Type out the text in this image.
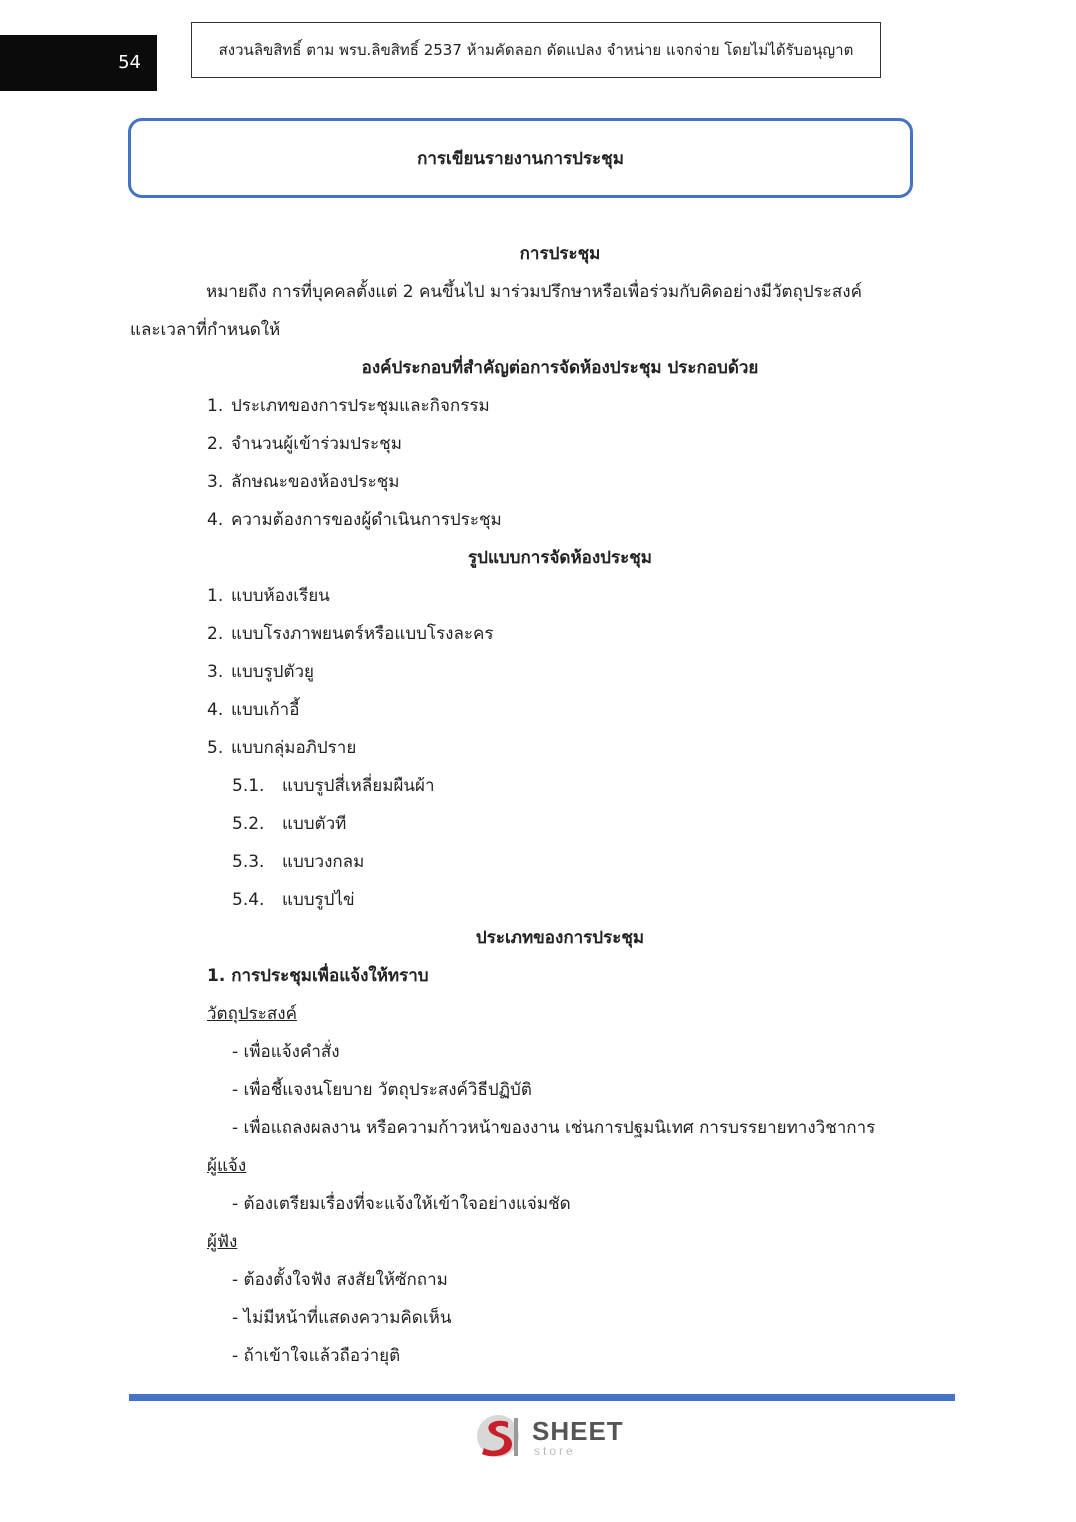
54
สงวนลิขสิทธิ์ ตาม พรบ.ลิขสิทธิ์ 2537 ห้ามคัดลอก ดัดแปลง จำหน่าย แจกจ่าย โดยไม่ได้รับอนุญาต
การเขียนรายงานการประชุม
การประชุม
หมายถึง การที่บุคคลตั้งแต่ 2 คนขึ้นไป มาร่วมปรึกษาหรือเพื่อร่วมกับคิดอย่างมีวัตถุประสงค์
และเวลาที่กำหนดให้
องค์ประกอบที่สำคัญต่อการจัดห้องประชุม ประกอบด้วย
1. ประเภทของการประชุมและกิจกรรม
2. จำนวนผู้เข้าร่วมประชุม
3. ลักษณะของห้องประชุม
4. ความต้องการของผู้ดำเนินการประชุม
รูปแบบการจัดห้องประชุม
1. แบบห้องเรียน
2. แบบโรงภาพยนตร์หรือแบบโรงละคร
3. แบบรูปตัวยู
4. แบบเก้าอี้
5. แบบกลุ่มอภิปราย
5.1. แบบรูปสี่เหลี่ยมผืนผ้า
5.2. แบบตัวที
5.3. แบบวงกลม
5.4. แบบรูปไข่
ประเภทของการประชุม
1. การประชุมเพื่อแจ้งให้ทราบ
วัตถุประสงค์
- เพื่อแจ้งคำสั่ง
- เพื่อชี้แจงนโยบาย วัตถุประสงค์วิธีปฏิบัติ
- เพื่อแถลงผลงาน หรือความก้าวหน้าของงาน เช่นการปฐมนิเทศ การบรรยายทางวิชาการ
ผู้แจ้ง
- ต้องเตรียมเรื่องที่จะแจ้งให้เข้าใจอย่างแจ่มชัด
ผู้ฟัง
- ต้องตั้งใจฟัง สงสัยให้ซักถาม
- ไม่มีหน้าที่แสดงความคิดเห็น
- ถ้าเข้าใจแล้วถือว่ายุติ
SHEET
store
